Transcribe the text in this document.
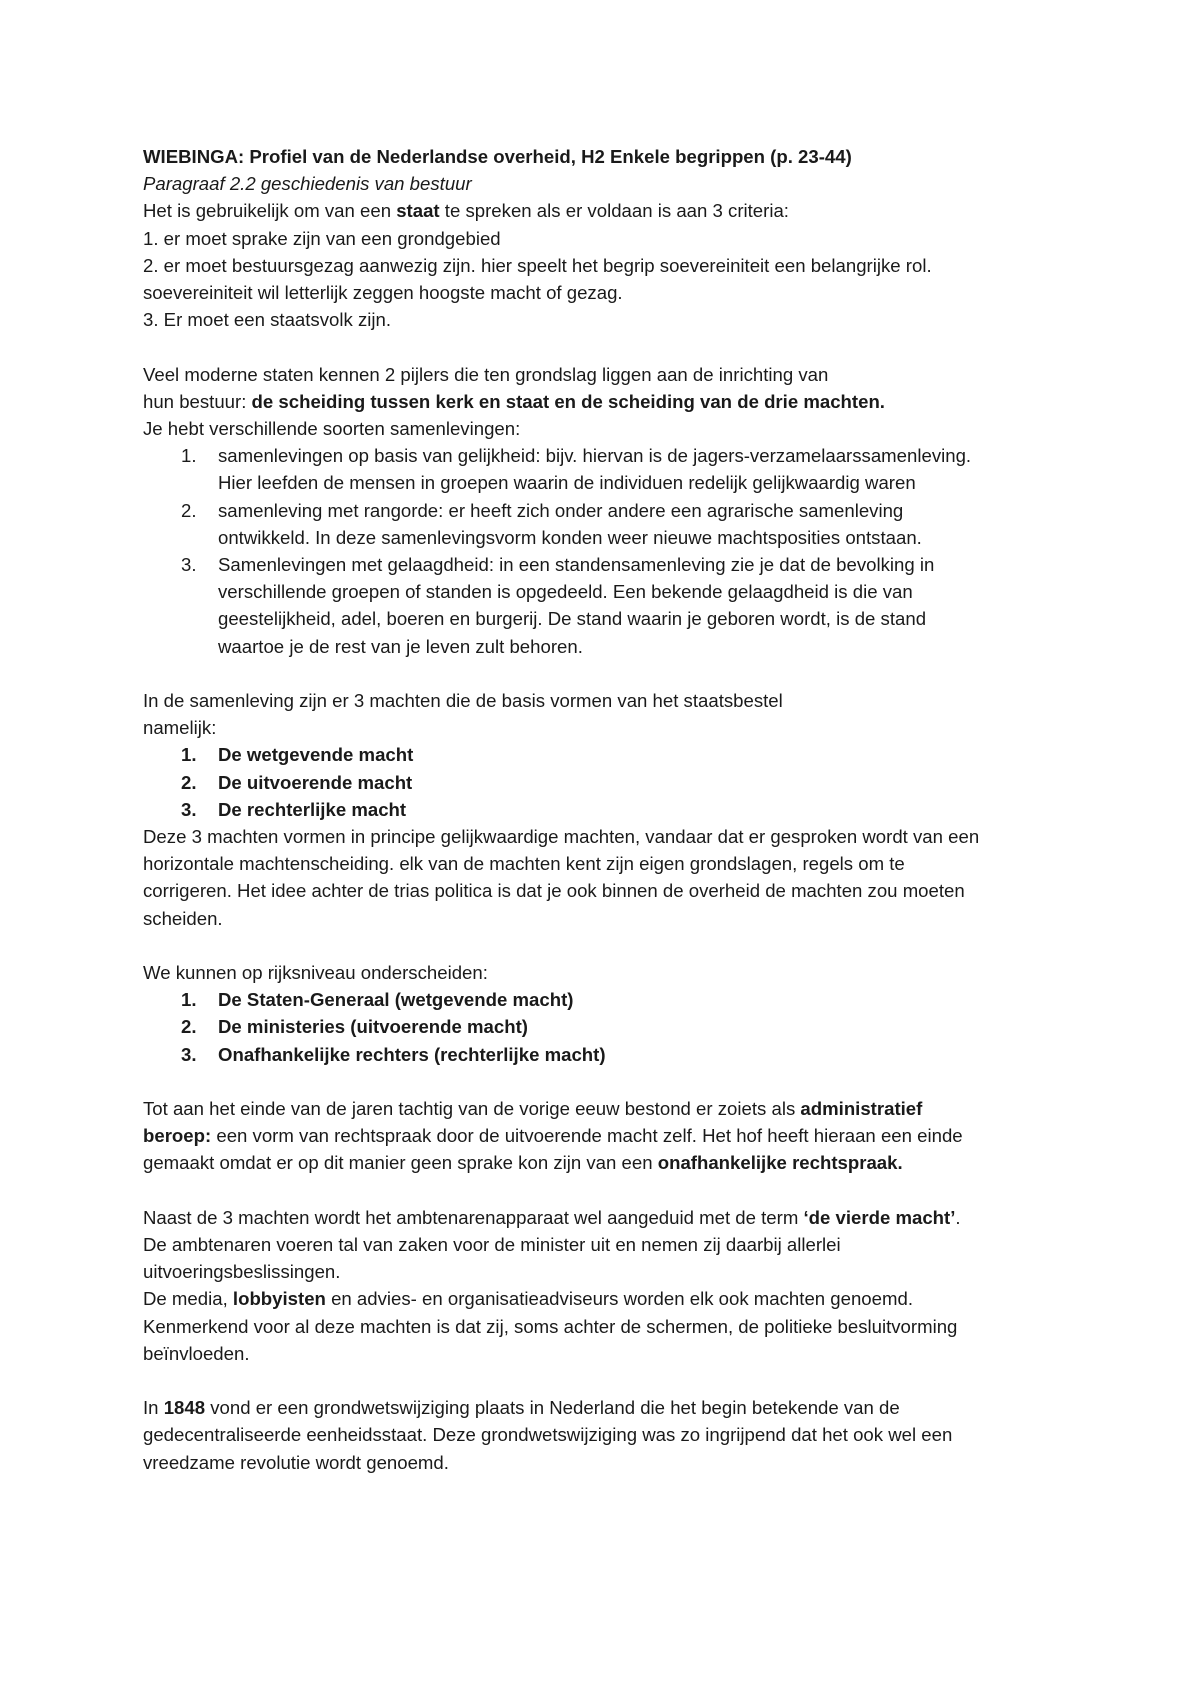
WIEBINGA: Profiel van de Nederlandse overheid, H2 Enkele begrippen (p. 23-44)
Paragraaf 2.2 geschiedenis van bestuur
Het is gebruikelijk om van een staat te spreken als er voldaan is aan 3 criteria:
1. er moet sprake zijn van een grondgebied
2. er moet bestuursgezag aanwezig zijn. hier speelt het begrip soevereiniteit een belangrijke rol.
soevereiniteit wil letterlijk zeggen hoogste macht of gezag.
3. Er moet een staatsvolk zijn.
Veel moderne staten kennen 2 pijlers die ten grondslag liggen aan de inrichting van
hun bestuur: de scheiding tussen kerk en staat en de scheiding van de drie machten.
Je hebt verschillende soorten samenlevingen:
1. samenlevingen op basis van gelijkheid: bijv. hiervan is de jagers-verzamelaarssamenleving.
Hier leefden de mensen in groepen waarin de individuen redelijk gelijkwaardig waren
2. samenleving met rangorde: er heeft zich onder andere een agrarische samenleving
ontwikkeld. In deze samenlevingsvorm konden weer nieuwe machtsposities ontstaan.
3. Samenlevingen met gelaagdheid: in een standensamenleving zie je dat de bevolking in
verschillende groepen of standen is opgedeeld. Een bekende gelaagdheid is die van
geestelijkheid, adel, boeren en burgerij. De stand waarin je geboren wordt, is de stand
waartoe je de rest van je leven zult behoren.
In de samenleving zijn er 3 machten die de basis vormen van het staatsbestel
namelijk:
1. De wetgevende macht
2. De uitvoerende macht
3. De rechterlijke macht
Deze 3 machten vormen in principe gelijkwaardige machten, vandaar dat er gesproken wordt van een
horizontale machtenscheiding. elk van de machten kent zijn eigen grondslagen, regels om te
corrigeren. Het idee achter de trias politica is dat je ook binnen de overheid de machten zou moeten
scheiden.
We kunnen op rijksniveau onderscheiden:
1. De Staten-Generaal (wetgevende macht)
2. De ministeries (uitvoerende macht)
3. Onafhankelijke rechters (rechterlijke macht)
Tot aan het einde van de jaren tachtig van de vorige eeuw bestond er zoiets als administratief
beroep: een vorm van rechtspraak door de uitvoerende macht zelf. Het hof heeft hieraan een einde
gemaakt omdat er op dit manier geen sprake kon zijn van een onafhankelijke rechtspraak.
Naast de 3 machten wordt het ambtenarenapparaat wel aangeduid met de term ‘de vierde macht’.
De ambtenaren voeren tal van zaken voor de minister uit en nemen zij daarbij allerlei
uitvoeringsbeslissingen.
De media, lobbyisten en advies- en organisatieadviseurs worden elk ook machten genoemd.
Kenmerkend voor al deze machten is dat zij, soms achter de schermen, de politieke besluitvorming
beïnvloeden.
In 1848 vond er een grondwetswijziging plaats in Nederland die het begin betekende van de
gedecentraliseerde eenheidsstaat. Deze grondwetswijziging was zo ingrijpend dat het ook wel een
vreedzame revolutie wordt genoemd.
